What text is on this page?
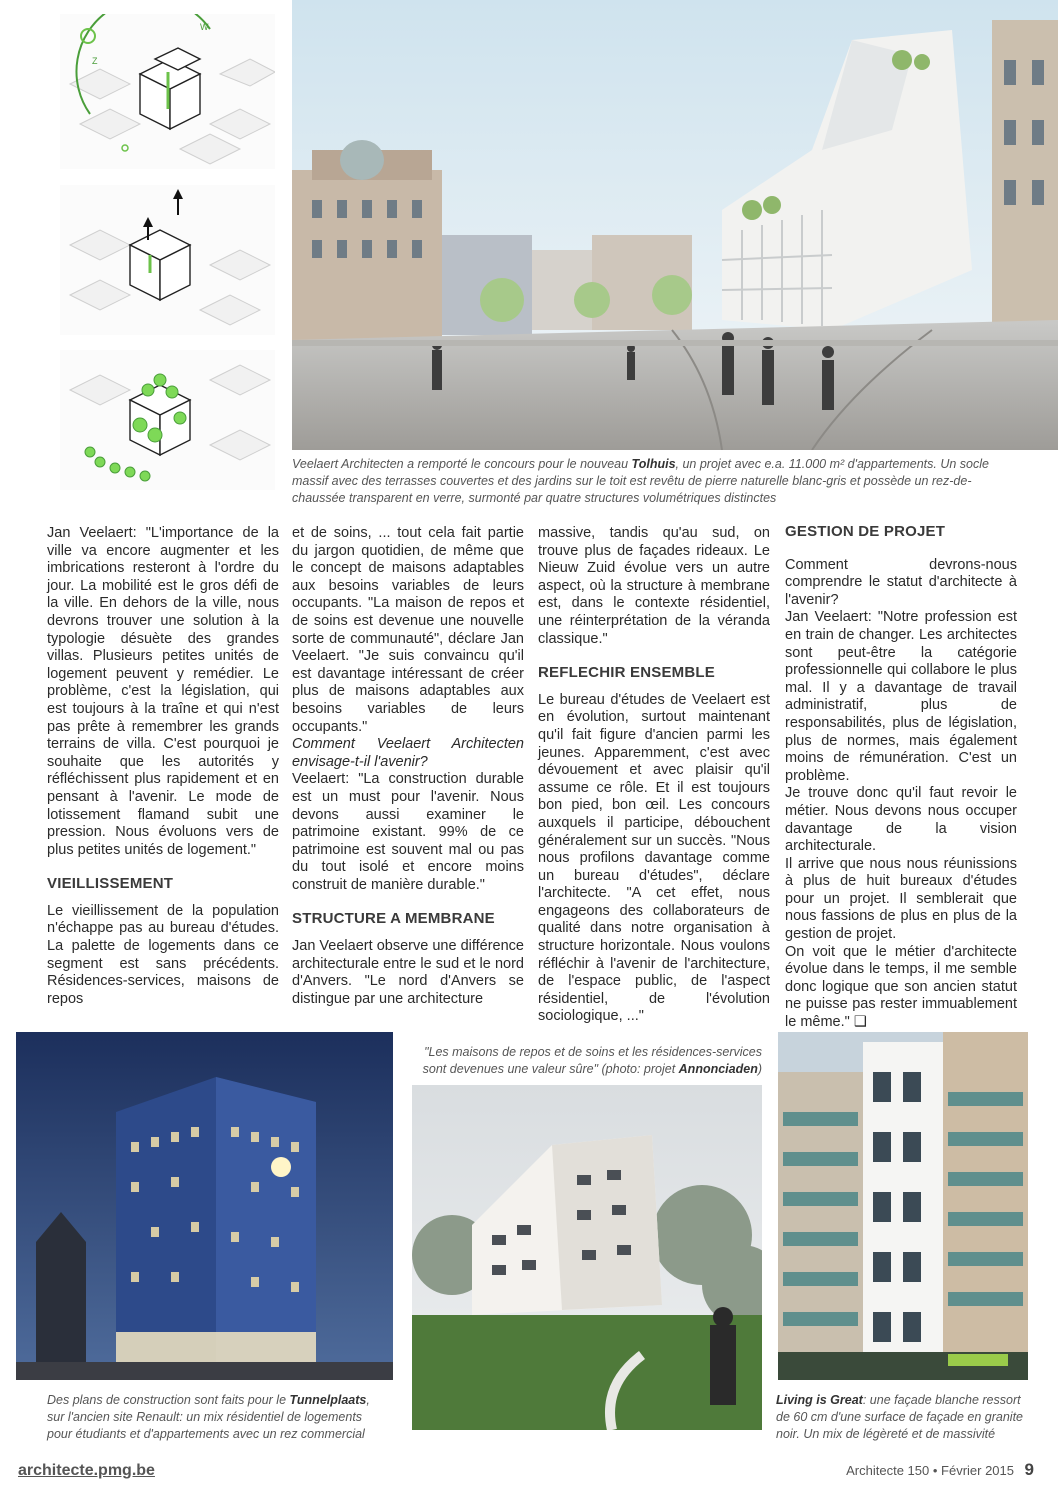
W
Z
Veelaert Architecten a remporté le concours pour le nouveau Tolhuis, un projet avec e.a. 11.000 m² d'appartements. Un socle massif avec des terrasses couvertes et des jardins sur le toit est revêtu de pierre naturelle blanc-gris et possède un rez-de-chaussée transparent en verre, surmonté par quatre structures volumétriques distinctes

Jan Veelaert: "L'importance de la ville va encore augmenter et les imbrications resteront à l'ordre du jour. La mobilité est le gros défi de la ville. En dehors de la ville, nous devrons trouver une solution à la typologie désuète des grandes villas. Plusieurs petites unités de logement peuvent y remédier. Le problème, c'est la législation, qui est toujours à la traîne et qui n'est pas prête à remembrer les grands terrains de villa. C'est pourquoi je souhaite que les autorités y réfléchissent plus rapidement et en pensant à l'avenir. Le mode de lotissement flamand subit une pression. Nous évoluons vers de plus petites unités de logement."

VIEILLISSEMENT

Le vieillissement de la population n'échappe pas au bureau d'études. La palette de logements dans ce segment est sans précédents. Résidences-services, maisons de repos

et de soins, ... tout cela fait partie du jargon quotidien, de même que le concept de maisons adaptables aux besoins variables de leurs occupants. "La maison de repos et de soins est devenue une nouvelle sorte de communauté", déclare Jan Veelaert. "Je suis convaincu qu'il est davantage intéressant de créer plus de maisons adaptables aux besoins variables de leurs occupants."

Comment Veelaert Architecten envisage-t-il l'avenir?

Veelaert: "La construction durable est un must pour l'avenir. Nous devons aussi examiner le patrimoine existant. 99% de ce patrimoine est souvent mal ou pas du tout isolé et encore moins construit de manière durable."

STRUCTURE A MEMBRANE

Jan Veelaert observe une différence architecturale entre le sud et le nord d'Anvers. "Le nord d'Anvers se distingue par une architecture

massive, tandis qu'au sud, on trouve plus de façades rideaux. Le Nieuw Zuid évolue vers un autre aspect, où la structure à membrane est, dans le contexte résidentiel, une réinterprétation de la véranda classique."

REFLECHIR ENSEMBLE

Le bureau d'études de Veelaert est en évolution, surtout maintenant qu'il fait figure d'ancien parmi les jeunes. Apparemment, c'est avec dévouement et avec plaisir qu'il assume ce rôle. Et il est toujours bon pied, bon œil. Les concours auxquels il participe, débouchent généralement sur un succès. "Nous nous profilons davantage comme un bureau d'études", déclare l'architecte. "A cet effet, nous engageons des collaborateurs de qualité dans notre organisation à structure horizontale. Nous voulons réfléchir à l'avenir de l'architecture, de l'espace public, de l'aspect résidentiel, de l'évolution sociologique, ..."

GESTION DE PROJET

Comment devrons-nous comprendre le statut d'architecte à l'avenir?

Jan Veelaert: "Notre profession est en train de changer. Les architectes sont peut-être la catégorie professionnelle qui collabore le plus mal. Il y a davantage de travail administratif, plus de responsabilités, plus de législation, plus de normes, mais également moins de rémunération. C'est un problème.

Je trouve donc qu'il faut revoir le métier. Nous devons nous occuper davantage de la vision architecturale.

Il arrive que nous nous réunissions à plus de huit bureaux d'études pour un projet. Il semblerait que nous fassions de plus en plus de la gestion de projet.

On voit que le métier d'architecte évolue dans le temps, il me semble donc logique que son ancien statut ne puisse pas rester immuablement le même." ❑

"Les maisons de repos et de soins et les résidences-services sont devenues une valeur sûre" (photo: projet Annonciaden)
Des plans de construction sont faits pour le Tunnelplaats, sur l'ancien site Renault: un mix résidentiel de logements pour étudiants et d'appartements avec un rez commercial
Living is Great: une façade blanche ressort de 60 cm d'une surface de façade en granite noir. Un mix de légèreté et de massivité
architecte.pmg.be	Architecte 150 • Février 2015 9
